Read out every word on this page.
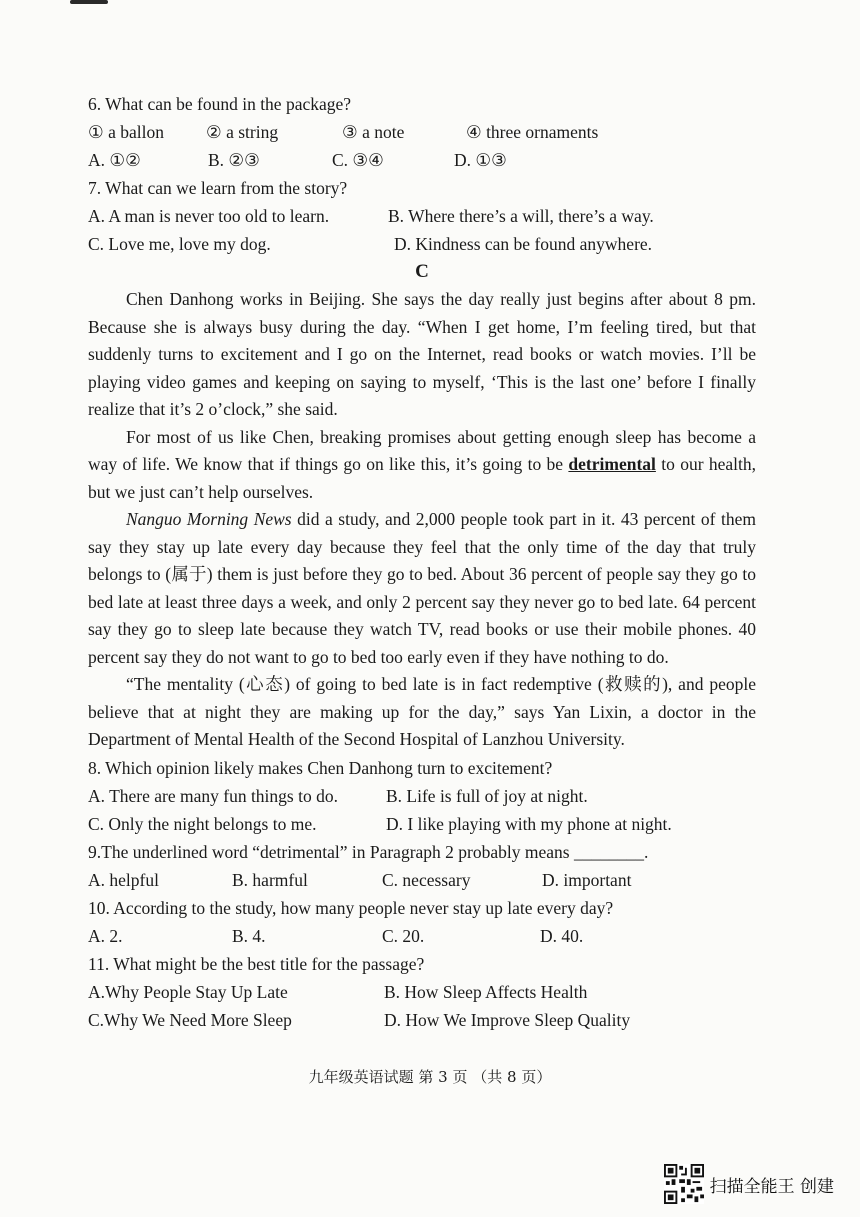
6. What can be found in the package?
① a ballon	② a string	③ a note	④ three ornaments
A. ①②	B. ②③	C. ③④	D. ①③
7. What can we learn from the story?
A. A man is never too old to learn.	B. Where there’s a will, there’s a way.
C. Love me, love my dog.	D. Kindness can be found anywhere.
C

Chen Danhong works in Beijing. She says the day really just begins after about 8 pm. Because she is always busy during the day. “When I get home, I’m feeling tired, but that suddenly turns to excitement and I go on the Internet, read books or watch movies. I’ll be playing video games and keeping on saying to myself, ‘This is the last one’ before I finally realize that it’s 2 o’clock,” she said.

For most of us like Chen, breaking promises about getting enough sleep has become a way of life. We know that if things go on like this, it’s going to be detrimental to our health, but we just can’t help ourselves.

Nanguo Morning News did a study, and 2,000 people took part in it. 43 percent of them say they stay up late every day because they feel that the only time of the day that truly belongs to (属于) them is just before they go to bed. About 36 percent of people say they go to bed late at least three days a week, and only 2 percent say they never go to bed late. 64 percent say they go to sleep late because they watch TV, read books or use their mobile phones. 40 percent say they do not want to go to bed too early even if they have nothing to do.

“The mentality (心态) of going to bed late is in fact redemptive (救赎的), and people believe that at night they are making up for the day,” says Yan Lixin, a doctor in the Department of Mental Health of the Second Hospital of Lanzhou University.

8. Which opinion likely makes Chen Danhong turn to excitement?
A. There are many fun things to do.	B. Life is full of joy at night.
C. Only the night belongs to me.	D. I like playing with my phone at night.
9.The underlined word “detrimental” in Paragraph 2 probably means ________.
A. helpful	B. harmful	C. necessary	D. important
10. According to the study, how many people never stay up late every day?
A. 2.	B. 4.	C. 20.	D. 40.
11. What might be the best title for the passage?
A.Why People Stay Up Late	B. How Sleep Affects Health
C.Why We Need More Sleep	D. How We Improve Sleep Quality
九年级英语试题 第 3 页 （共 8 页）
扫描全能王 创建
